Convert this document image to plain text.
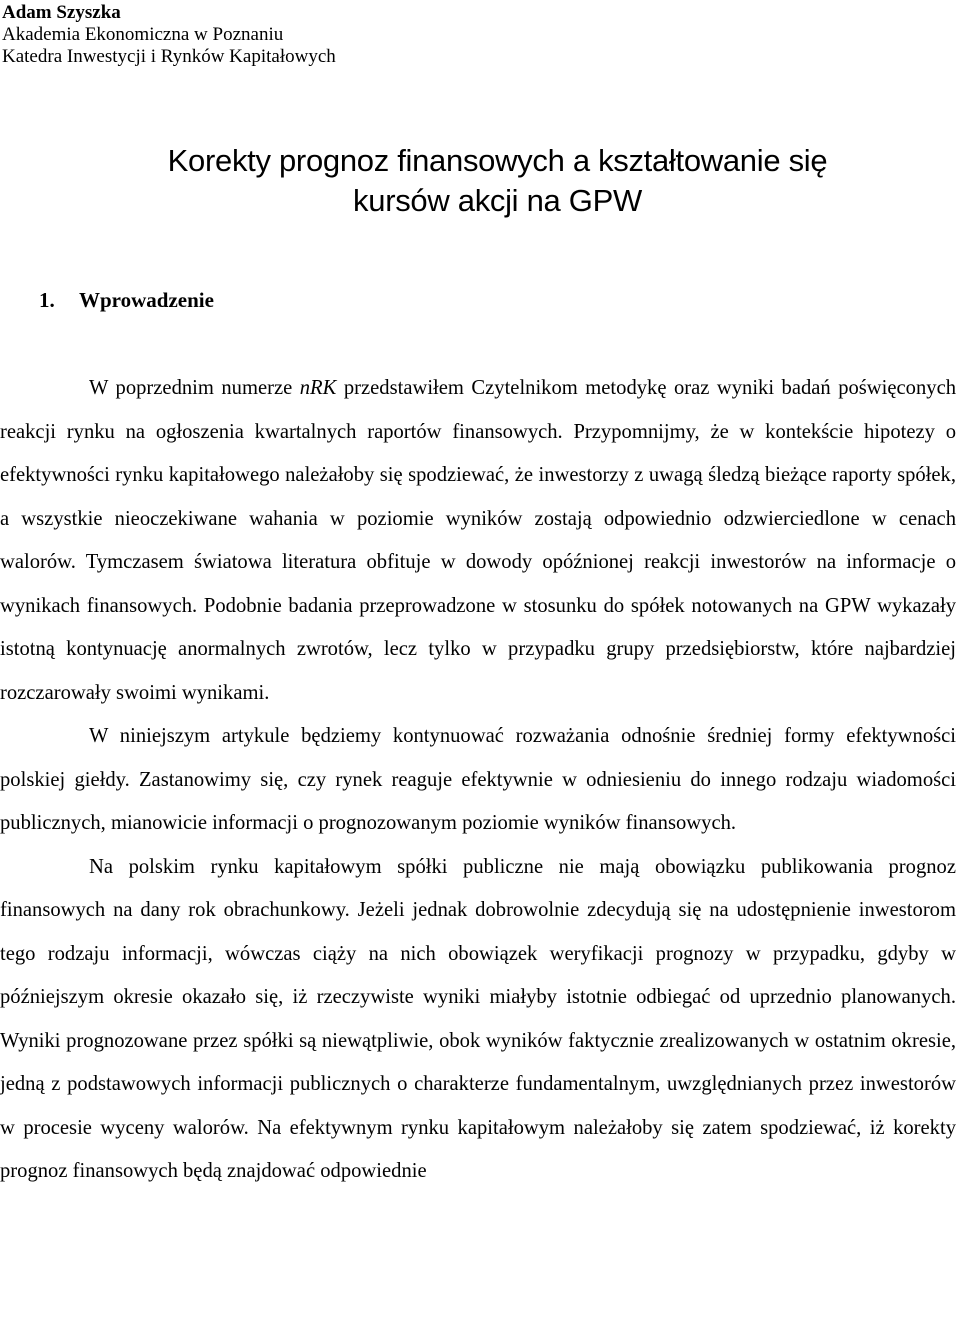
Adam Szyszka
Akademia Ekonomiczna w Poznaniu
Katedra Inwestycji i Rynków Kapitałowych
Korekty prognoz finansowych a kształtowanie się
kursów akcji na GPW
1. Wprowadzenie

W poprzednim numerze nRK przedstawiłem Czytelnikom metodykę oraz wyniki badań poświęconych reakcji rynku na ogłoszenia kwartalnych raportów finansowych. Przypomnijmy, że w kontekście hipotezy o efektywności rynku kapitałowego należałoby się spodziewać, że inwestorzy z uwagą śledzą bieżące raporty spółek, a wszystkie nieoczekiwane wahania w poziomie wyników zostają odpowiednio odzwierciedlone w cenach walorów. Tymczasem światowa literatura obfituje w dowody opóźnionej reakcji inwestorów na informacje o wynikach finansowych. Podobnie badania przeprowadzone w stosunku do spółek notowanych na GPW wykazały istotną kontynuację anormalnych zwrotów, lecz tylko w przypadku grupy przedsiębiorstw, które najbardziej rozczarowały swoimi wynikami.

W niniejszym artykule będziemy kontynuować rozważania odnośnie średniej formy efektywności polskiej giełdy. Zastanowimy się, czy rynek reaguje efektywnie w odniesieniu do innego rodzaju wiadomości publicznych, mianowicie informacji o prognozowanym poziomie wyników finansowych.

Na polskim rynku kapitałowym spółki publiczne nie mają obowiązku publikowania prognoz finansowych na dany rok obrachunkowy. Jeżeli jednak dobrowolnie zdecydują się na udostępnienie inwestorom tego rodzaju informacji, wówczas ciąży na nich obowiązek weryfikacji prognozy w przypadku, gdyby w późniejszym okresie okazało się, iż rzeczywiste wyniki miałyby istotnie odbiegać od uprzednio planowanych. Wyniki prognozowane przez spółki są niewątpliwie, obok wyników faktycznie zrealizowanych w ostatnim okresie, jedną z podstawowych informacji publicznych o charakterze fundamentalnym, uwzględnianych przez inwestorów w procesie wyceny walorów. Na efektywnym rynku kapitałowym należałoby się zatem spodziewać, iż korekty prognoz finansowych będą znajdować odpowiednie
